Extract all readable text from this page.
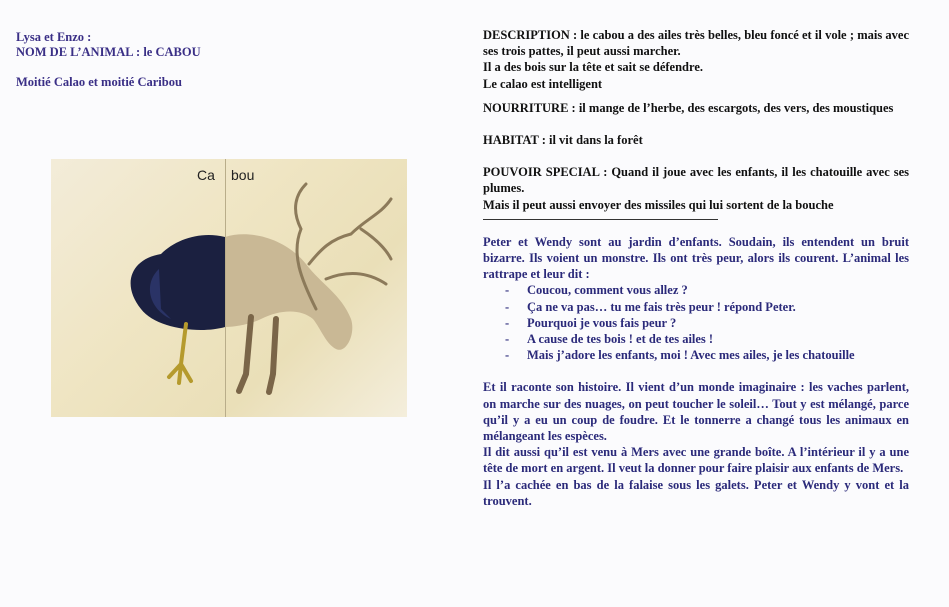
Lysa et Enzo :
NOM DE L’ANIMAL : le CABOU
Moitié Calao et moitié Caribou
Ca bou

DESCRIPTION : le cabou a des ailes très belles, bleu foncé et il vole ; mais avec ses trois pattes, il peut aussi marcher.

Il a des bois sur la tête et sait se défendre.

Le calao est intelligent

NOURRITURE : il mange de l’herbe, des escargots, des vers, des moustiques

HABITAT : il vit dans la forêt

POUVOIR SPECIAL : Quand il joue avec les enfants, il les chatouille avec ses plumes.

Mais il peut aussi envoyer des missiles qui lui sortent de la bouche

Peter et Wendy sont au jardin d’enfants. Soudain, ils entendent un bruit bizarre. Ils voient un monstre. Ils ont très peur, alors ils courent. L’animal les rattrape et leur dit :

- Coucou, comment vous allez ?
- Ça ne va pas… tu me fais très peur ! répond Peter.
- Pourquoi je vous fais peur ?
- A cause de tes bois ! et de tes ailes !
- Mais j’adore les enfants, moi ! Avec mes ailes, je les chatouille

Et il raconte son histoire. Il vient d’un monde imaginaire : les vaches parlent, on marche sur des nuages, on peut toucher le soleil… Tout y est mélangé, parce qu’il y a eu un coup de foudre. Et le tonnerre a changé tous les animaux en mélangeant les espèces.

Il dit aussi qu’il est venu à Mers avec une grande boîte. A l’intérieur il y a une tête de mort en argent. Il veut la donner pour faire plaisir aux enfants de Mers.

Il l’a cachée en bas de la falaise sous les galets. Peter et Wendy y vont et la trouvent.
